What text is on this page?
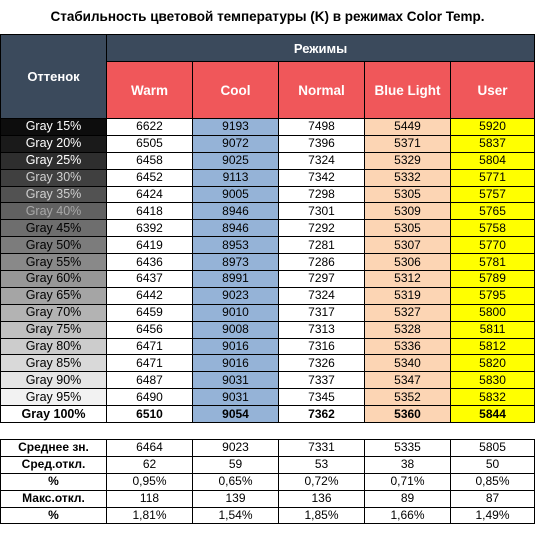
Стабильность цветовой температуры (K) в режимах Color Temp.
Оттенок	Режимы				
	Warm	Cool	Normal	Blue Light	User
Gray 15%	6622	9193	7498	5449	5920
Gray 20%	6505	9072	7396	5371	5837
Gray 25%	6458	9025	7324	5329	5804
Gray 30%	6452	9113	7342	5332	5771
Gray 35%	6424	9005	7298	5305	5757
Gray 40%	6418	8946	7301	5309	5765
Gray 45%	6392	8946	7292	5305	5758
Gray 50%	6419	8953	7281	5307	5770
Gray 55%	6436	8973	7286	5306	5781
Gray 60%	6437	8991	7297	5312	5789
Gray 65%	6442	9023	7324	5319	5795
Gray 70%	6459	9010	7317	5327	5800
Gray 75%	6456	9008	7313	5328	5811
Gray 80%	6471	9016	7316	5336	5812
Gray 85%	6471	9016	7326	5340	5820
Gray 90%	6487	9031	7337	5347	5830
Gray 95%	6490	9031	7345	5352	5832
Gray 100%	6510	9054	7362	5360	5844

Среднее зн.	6464	9023	7331	5335	5805
Сред.откл.	62	59	53	38	50
%	0,95%	0,65%	0,72%	0,71%	0,85%
Макс.откл.	118	139	136	89	87
%	1,81%	1,54%	1,85%	1,66%	1,49%
